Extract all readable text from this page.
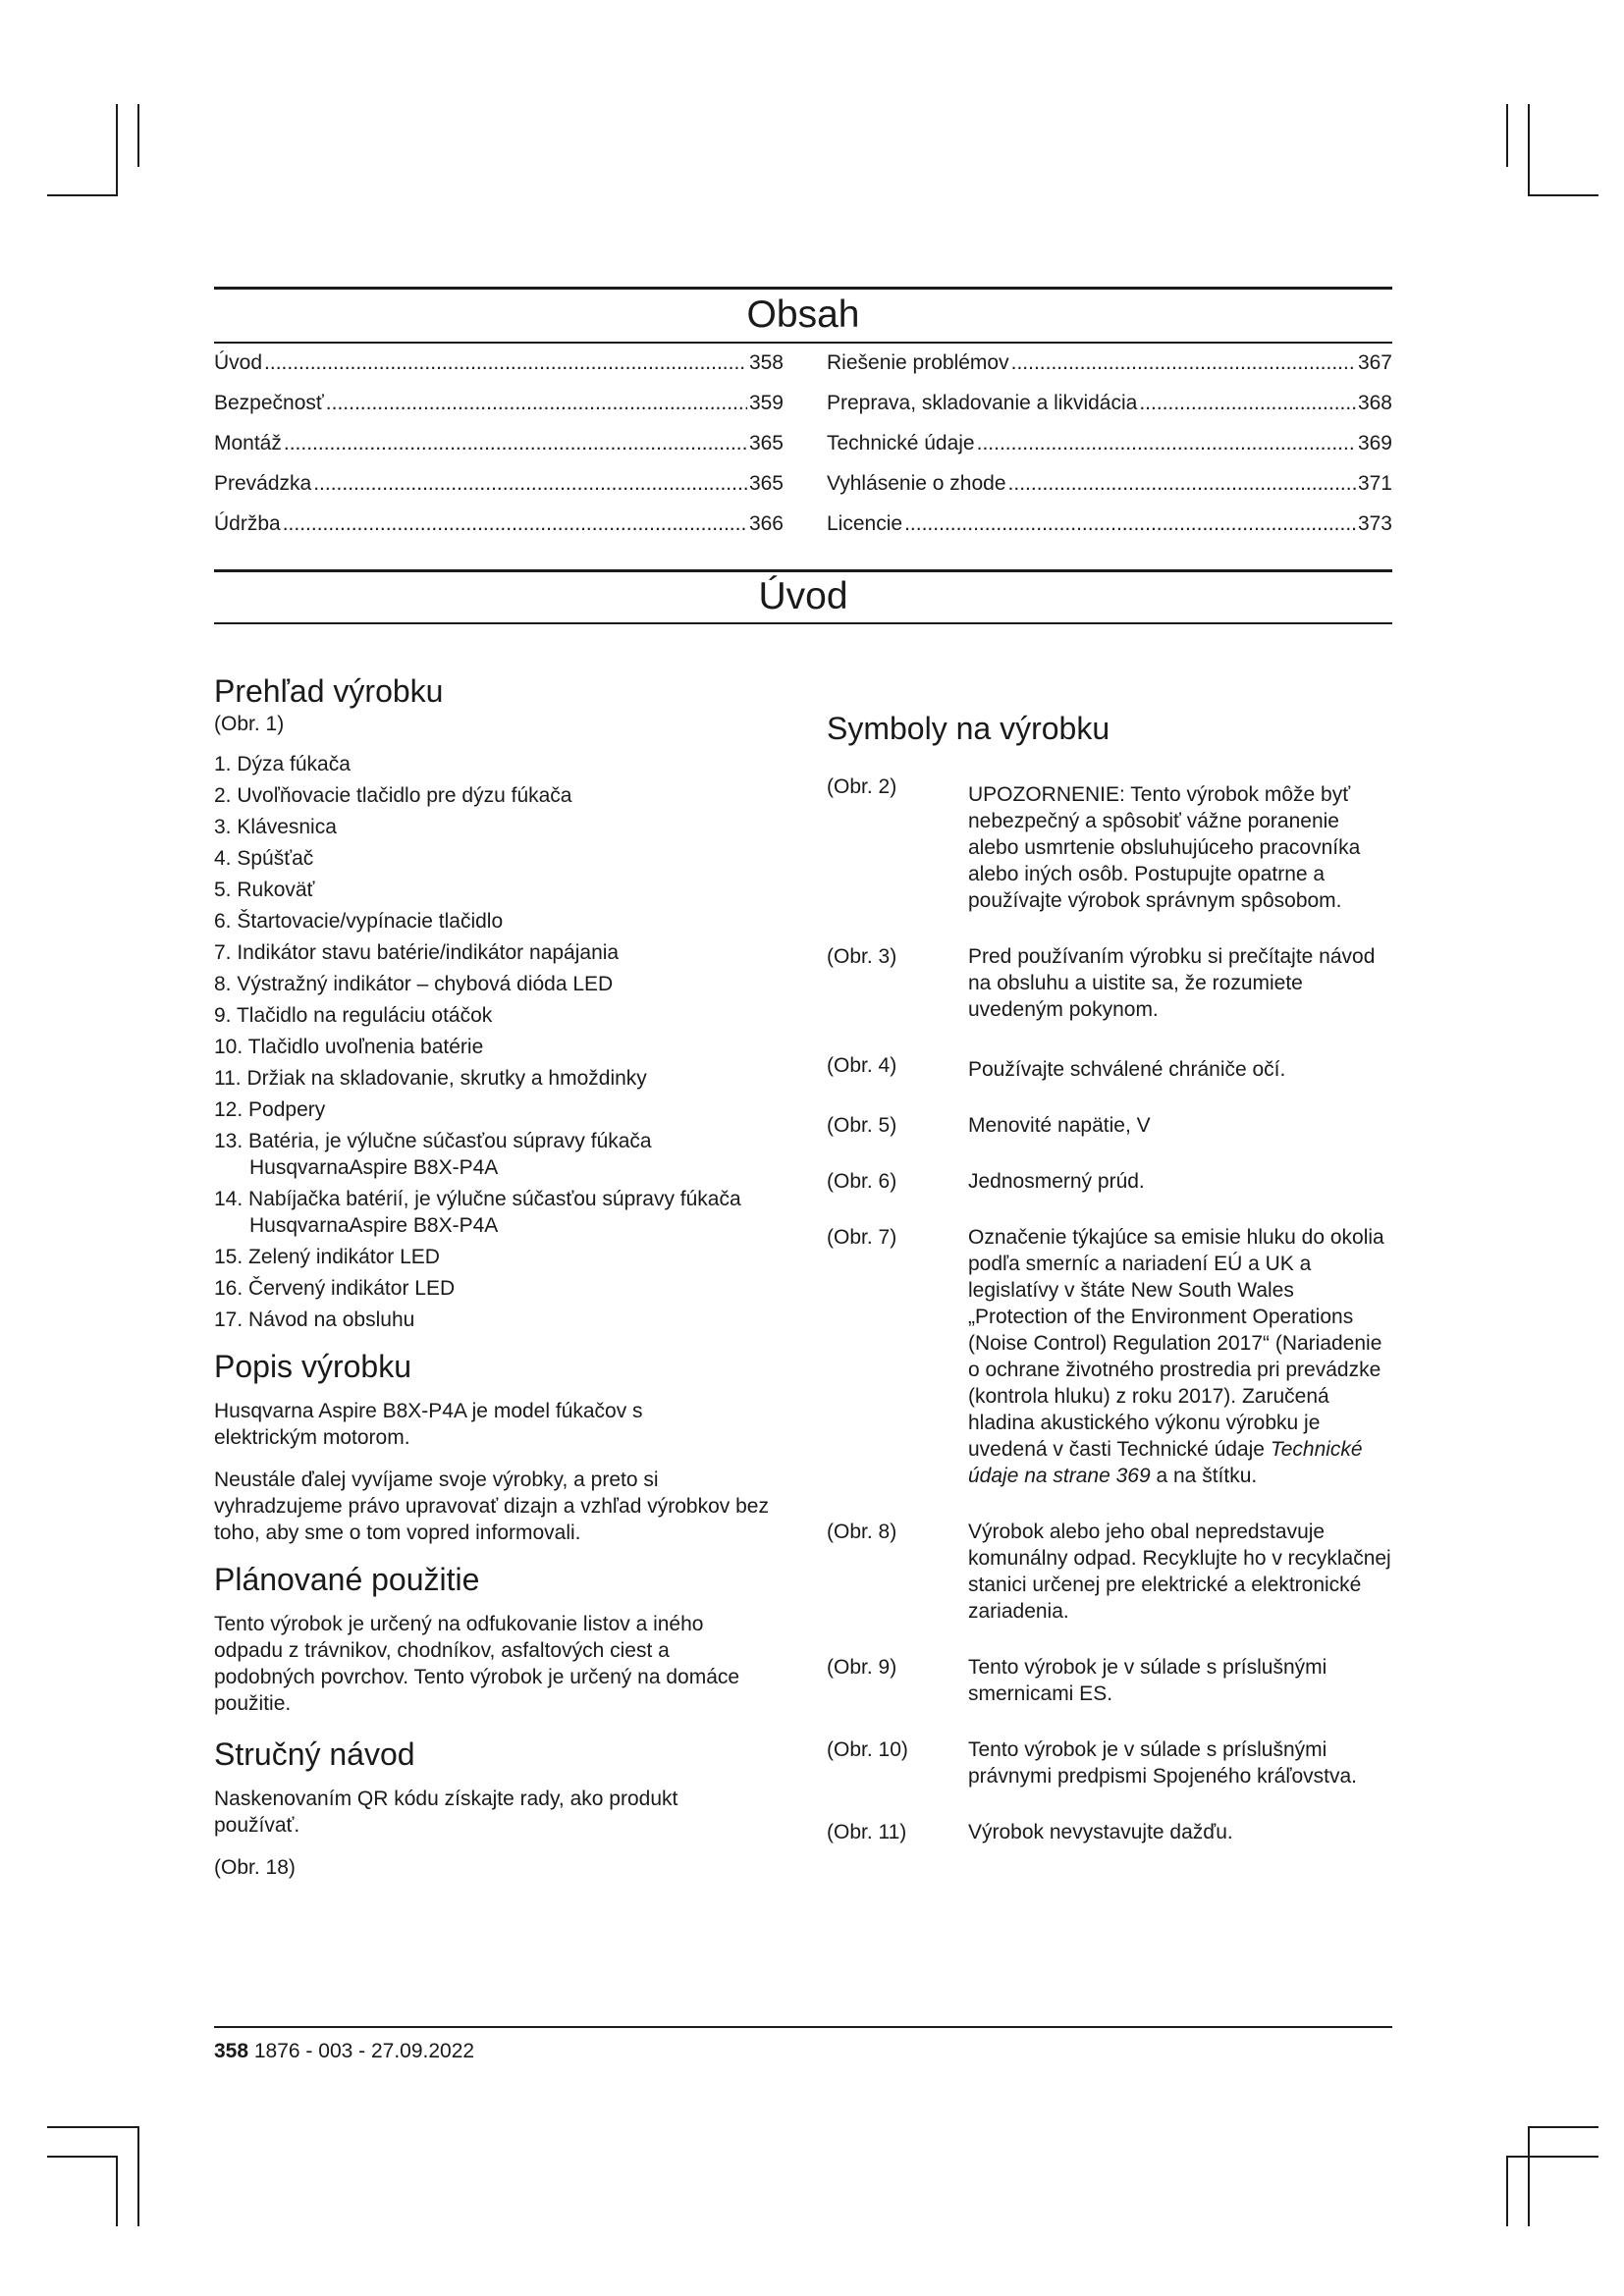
Obsah
Úvod .....	358
Bezpečnosť .....	359
Montáž .....	365
Prevádzka .....	365
Údržba .....	366
Riešenie problémov .....	367
Preprava, skladovanie a likvidácia .....	368
Technické údaje .....	369
Vyhlásenie o zhode .....	371
Licencie .....	373
Úvod
Prehľad výrobku

(Obr. 1)

1. Dýza fúkača
2. Uvoľňovacie tlačidlo pre dýzu fúkača
3. Klávesnica
4. Spúšťač
5. Rukoväť
6. Štartovacie/vypínacie tlačidlo
7. Indikátor stavu batérie/indikátor napájania
8. Výstražný indikátor – chybová dióda LED
9. Tlačidlo na reguláciu otáčok
10. Tlačidlo uvoľnenia batérie
11. Držiak na skladovanie, skrutky a hmoždinky
12. Podpery
13. Batéria, je výlučne súčasťou súpravy fúkača HusqvarnaAspire B8X-P4A
14. Nabíjačka batérií, je výlučne súčasťou súpravy fúkača HusqvarnaAspire B8X-P4A
15. Zelený indikátor LED
16. Červený indikátor LED
17. Návod na obsluhu
Popis výrobku

Husqvarna Aspire B8X-P4A je model fúkačov s elektrickým motorom.

Neustále ďalej vyvíjame svoje výrobky, a preto si vyhradzujeme právo upravovať dizajn a vzhľad výrobkov bez toho, aby sme o tom vopred informovali.

Plánované použitie

Tento výrobok je určený na odfukovanie listov a iného odpadu z trávnikov, chodníkov, asfaltových ciest a podobných povrchov. Tento výrobok je určený na domáce použitie.

Stručný návod

Naskenovaním QR kódu získajte rady, ako produkt používať.

(Obr. 18)

Symboly na výrobku
(Obr. 2)	UPOZORNENIE: Tento výrobok môže byť nebezpečný a spôsobiť vážne poranenie alebo usmrtenie obsluhujúceho pracovníka alebo iných osôb. Postupujte opatrne a používajte výrobok správnym spôsobom.
(Obr. 3)	Pred používaním výrobku si prečítajte návod na obsluhu a uistite sa, že rozumiete uvedeným pokynom.
(Obr. 4)	Používajte schválené chrániče očí.
(Obr. 5)	Menovité napätie, V
(Obr. 6)	Jednosmerný prúd.
(Obr. 7)	Označenie týkajúce sa emisie hluku do okolia podľa smerníc a nariadení EÚ a UK a legislatívy v štáte New South Wales „Protection of the Environment Operations (Noise Control) Regulation 2017“ (Nariadenie o ochrane životného prostredia pri prevádzke (kontrola hluku) z roku 2017). Zaručená hladina akustického výkonu výrobku je uvedená v časti Technické údaje Technické údaje na strane 369 a na štítku.
(Obr. 8)	Výrobok alebo jeho obal nepredstavuje komunálny odpad. Recyklujte ho v recyklačnej stanici určenej pre elektrické a elektronické zariadenia.
(Obr. 9)	Tento výrobok je v súlade s príslušnými smernicami ES.
(Obr. 10)	Tento výrobok je v súlade s príslušnými právnymi predpismi Spojeného kráľovstva.
(Obr. 11)	Výrobok nevystavujte dažďu.
358 1876 - 003 - 27.09.2022
